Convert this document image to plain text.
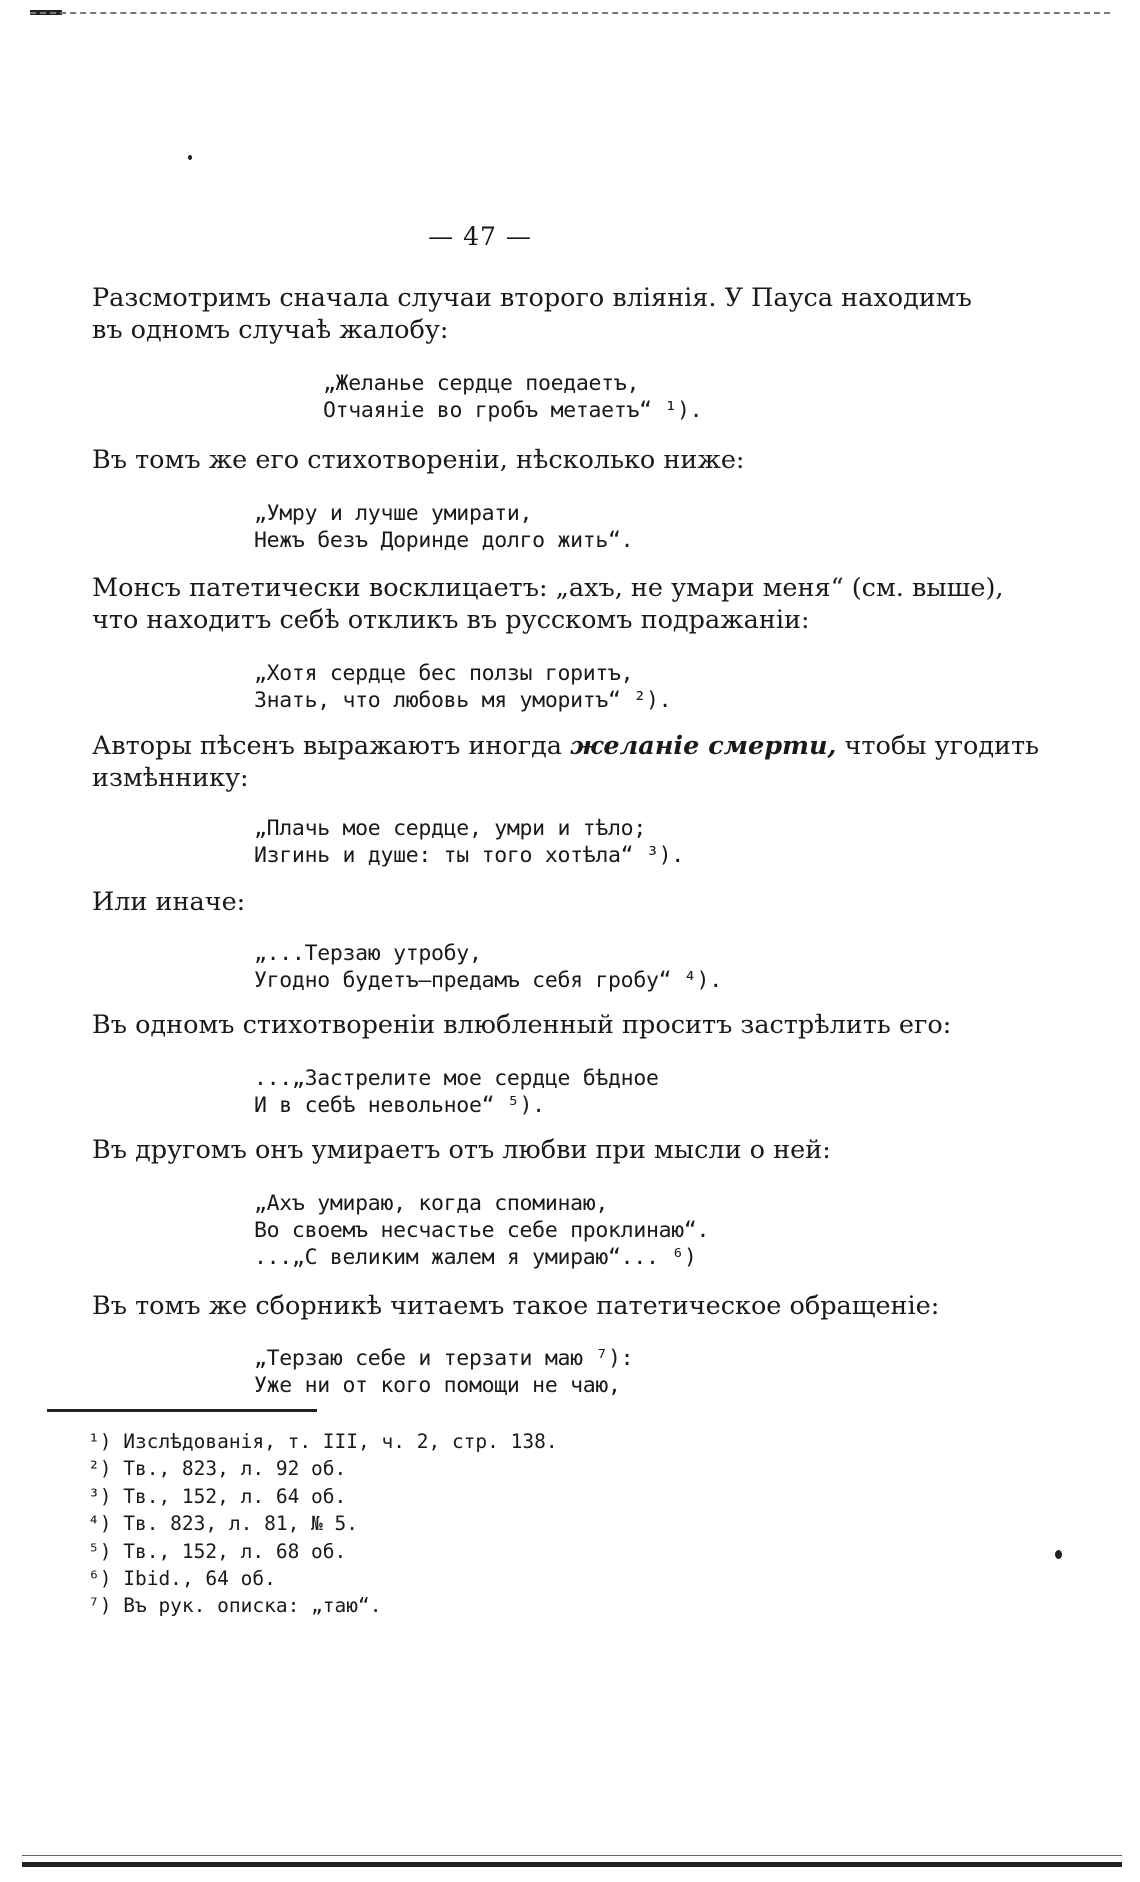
— 47 —
Разсмотримъ сначала случаи второго вліянія. У Пауса находимъ
въ одномъ случаѣ жалобу:
„Желанье сердце поедаетъ,
Отчаяніе во гробъ метаетъ“ ¹).
Въ томъ же его стихотвореніи, нѣсколько ниже:
„Умру и лучше умирати,
Нежъ безъ Доринде долго жить“.
Монсъ патетически восклицаетъ: „ахъ, не умари меня“ (см. выше),
что находитъ себѣ откликъ въ русскомъ подражаніи:
„Хотя сердце бес ползы горитъ,
Знать, что любовь мя уморитъ“ ²).
Авторы пѣсенъ выражаютъ иногда желаніе смерти, чтобы угодить
измѣннику:
„Плачь мое сердце, умри и тѣло;
Изгинь и душе: ты того хотѣла“ ³).
Или иначе:
„...Терзаю утробу,
Угодно будетъ—предамъ себя гробу“ ⁴).
Въ одномъ стихотвореніи влюбленный проситъ застрѣлить его:
...„Застрелите мое сердце бѣдное
И в себѣ невольное“ ⁵).
Въ другомъ онъ умираетъ отъ любви при мысли о ней:
„Ахъ умираю, когда споминаю,
Во своемъ несчастье себе проклинаю“.
...„С великим жалем я умираю“... ⁶)
Въ томъ же сборникѣ читаемъ такое патетическое обращеніе:
„Терзаю себе и терзати маю ⁷):
Уже ни от кого помощи не чаю,
¹) Изслѣдованія, т. III, ч. 2, стр. 138.
²) Тв., 823, л. 92 об.
³) Тв., 152, л. 64 об.
⁴) Тв. 823, л. 81, № 5.
⁵) Тв., 152, л. 68 об.
⁶) Ibid., 64 об.
⁷) Въ рук. описка: „таю“.
